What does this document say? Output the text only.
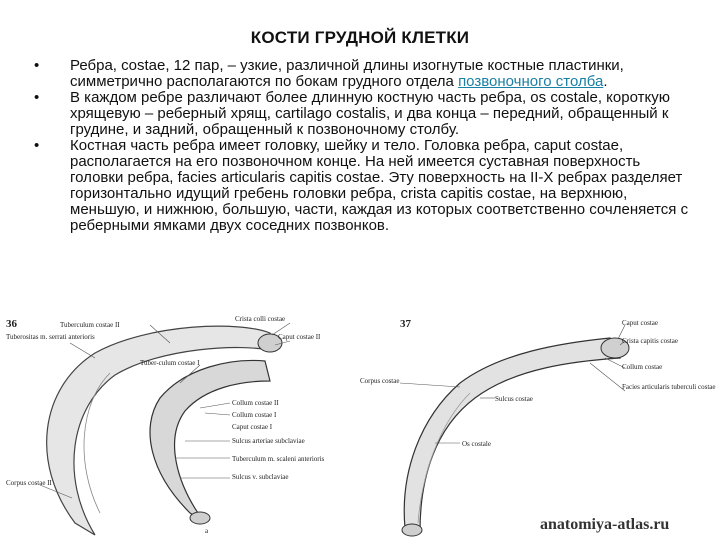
КОСТИ ГРУДНОЙ КЛЕТКИ
• Ребра, costae, 12 пар, – узкие, различной длины изогнутые костные пластинки, симметрично располагаются по бокам грудного отдела позвоночного столба.
• В каждом ребре различают более длинную костную часть ребра, os costale, короткую хрящевую – реберный хрящ, cartilago costalis, и два конца – передний, обращенный к грудине, и задний, обращенный к позвоночному столбу.
• Костная часть ребра имеет головку, шейку и тело. Головка ребра, caput costae, располагается на его позвоночном конце. На ней имеется суставная поверхность головки ребра, facies articularis capitis costae. Эту поверхность на II-X ребрах разделяет горизонтально идущий гребень головки ребра, crista capitis costae, на верхнюю, меньшую, и нижнюю, большую, части, каждая из которых соответственно сочленяется с реберными ямками двух соседних позвонков.
36	Tuberculum costae II
Tuberositas m. serrati anterioris
Crista colli costae
Caput costae II
Tuber-culum costae I
Collum costae II
Collum costae I
Caput costae I
Sulcus arteriae subclaviae
Tuberculum m. scaleni anterioris
Sulcus v. subclaviae
Corpus costae II
a
37	Caput costae
Crista capitis costae
Collum costae
Facies articularis tuberculi costae
Corpus costae
Sulcus costae
Os costale
anatomiya-atlas.ru
